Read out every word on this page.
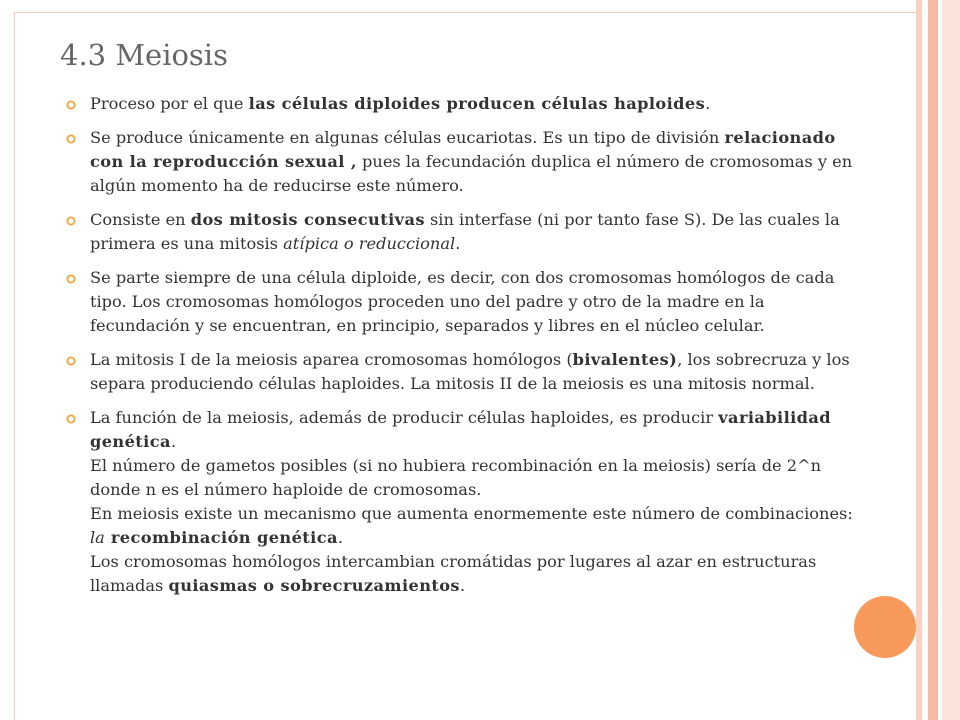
4.3 Meiosis
Proceso por el que las células diploides producen células haploides.
Se produce únicamente en algunas células eucariotas. Es un tipo de división relacionado con la reproducción sexual , pues la fecundación duplica el número de cromosomas y en algún momento ha de reducirse este número.
Consiste en dos mitosis consecutivas sin interfase (ni por tanto fase S). De las cuales la primera es una mitosis atípica o reduccional.
Se parte siempre de una célula diploide, es decir, con dos cromosomas homólogos de cada tipo. Los cromosomas homólogos proceden uno del padre y otro de la madre en la fecundación y se encuentran, en principio, separados y libres en el núcleo celular.
La mitosis I de la meiosis aparea cromosomas homólogos (bivalentes), los sobrecruza y los separa produciendo células haploides. La mitosis II de la meiosis es una mitosis normal.
La función de la meiosis, además de producir células haploides, es producir variabilidad genética.
El número de gametos posibles (si no hubiera recombinación en la meiosis) sería de 2^n donde n es el número haploide de cromosomas.
En meiosis existe un mecanismo que aumenta enormemente este número de combinaciones: la recombinación genética.
Los cromosomas homólogos intercambian cromátidas por lugares al azar en estructuras llamadas quiasmas o sobrecruzamientos.
